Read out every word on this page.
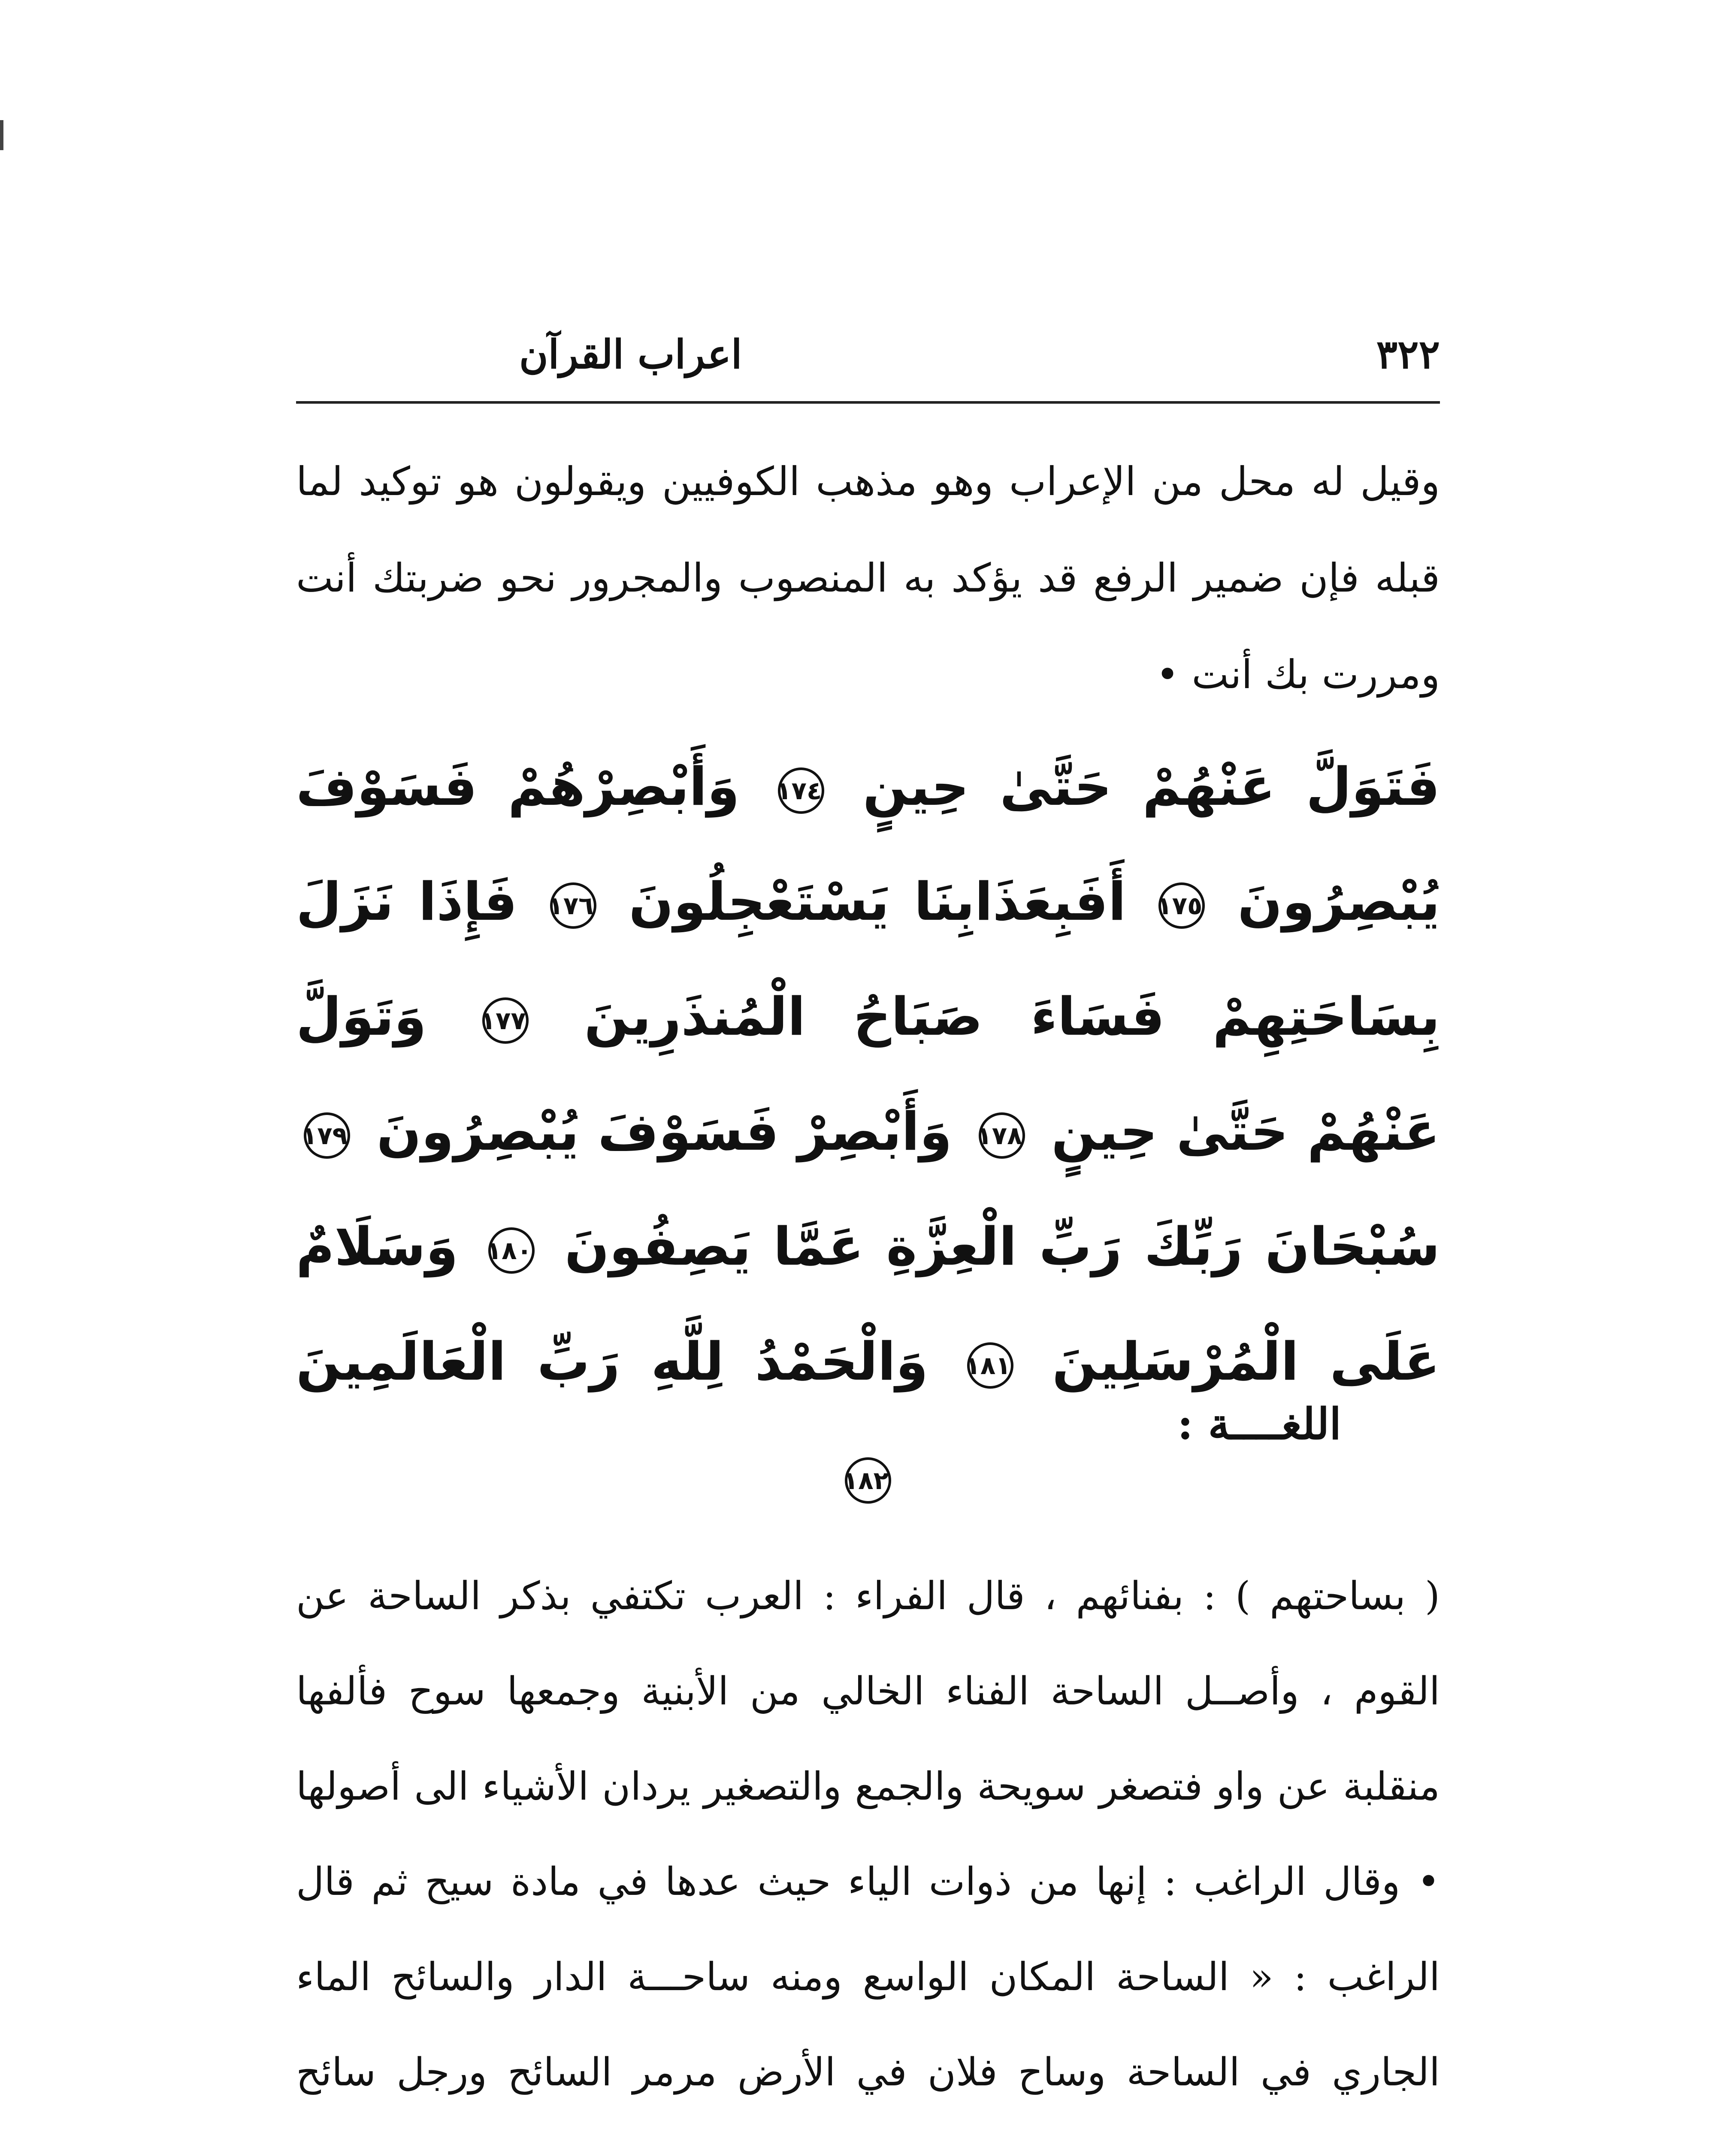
٣٢٢
اعراب القرآن
وقيل له محل من الإعراب وهو مذهب الكوفيين ويقولون هو توكيد لما قبله فإن ضمير الرفع قد يؤكد به المنصوب والمجرور نحو ضربتك أنت ومررت بك أنت •
فَتَوَلَّ عَنْهُمْ حَتَّىٰ حِينٍ ١٧٤ وَأَبْصِرْهُمْ فَسَوْفَ يُبْصِرُونَ ١٧٥ أَفَبِعَذَابِنَا يَسْتَعْجِلُونَ ١٧٦ فَإِذَا نَزَلَ بِسَاحَتِهِمْ فَسَاءَ صَبَاحُ الْمُنذَرِينَ ١٧٧ وَتَوَلَّ عَنْهُمْ حَتَّىٰ حِينٍ ١٧٨ وَأَبْصِرْ فَسَوْفَ يُبْصِرُونَ ١٧٩ سُبْحَانَ رَبِّكَ رَبِّ الْعِزَّةِ عَمَّا يَصِفُونَ ١٨٠ وَسَلَامٌ عَلَى الْمُرْسَلِينَ ١٨١ وَالْحَمْدُ لِلَّهِ رَبِّ الْعَالَمِينَ ١٨٢
اللغــــة :
( بساحتهم ) : بفنائهم ، قال الفراء : العرب تكتفي بذكر الساحة عن القوم ، وأصــل الساحة الفناء الخالي من الأبنية وجمعها سوح فألفها منقلبة عن واو فتصغر سويحة والجمع والتصغير يردان الأشياء الى أصولها • وقال الراغب : إنها من ذوات الياء حيث عدها في مادة سيح ثم قال الراغب : « الساحة المكان الواسع ومنه ساحـــة الدار والسائح الماء الجاري في الساحة وساح فلان في الأرض مرمر السائح ورجل سائح
